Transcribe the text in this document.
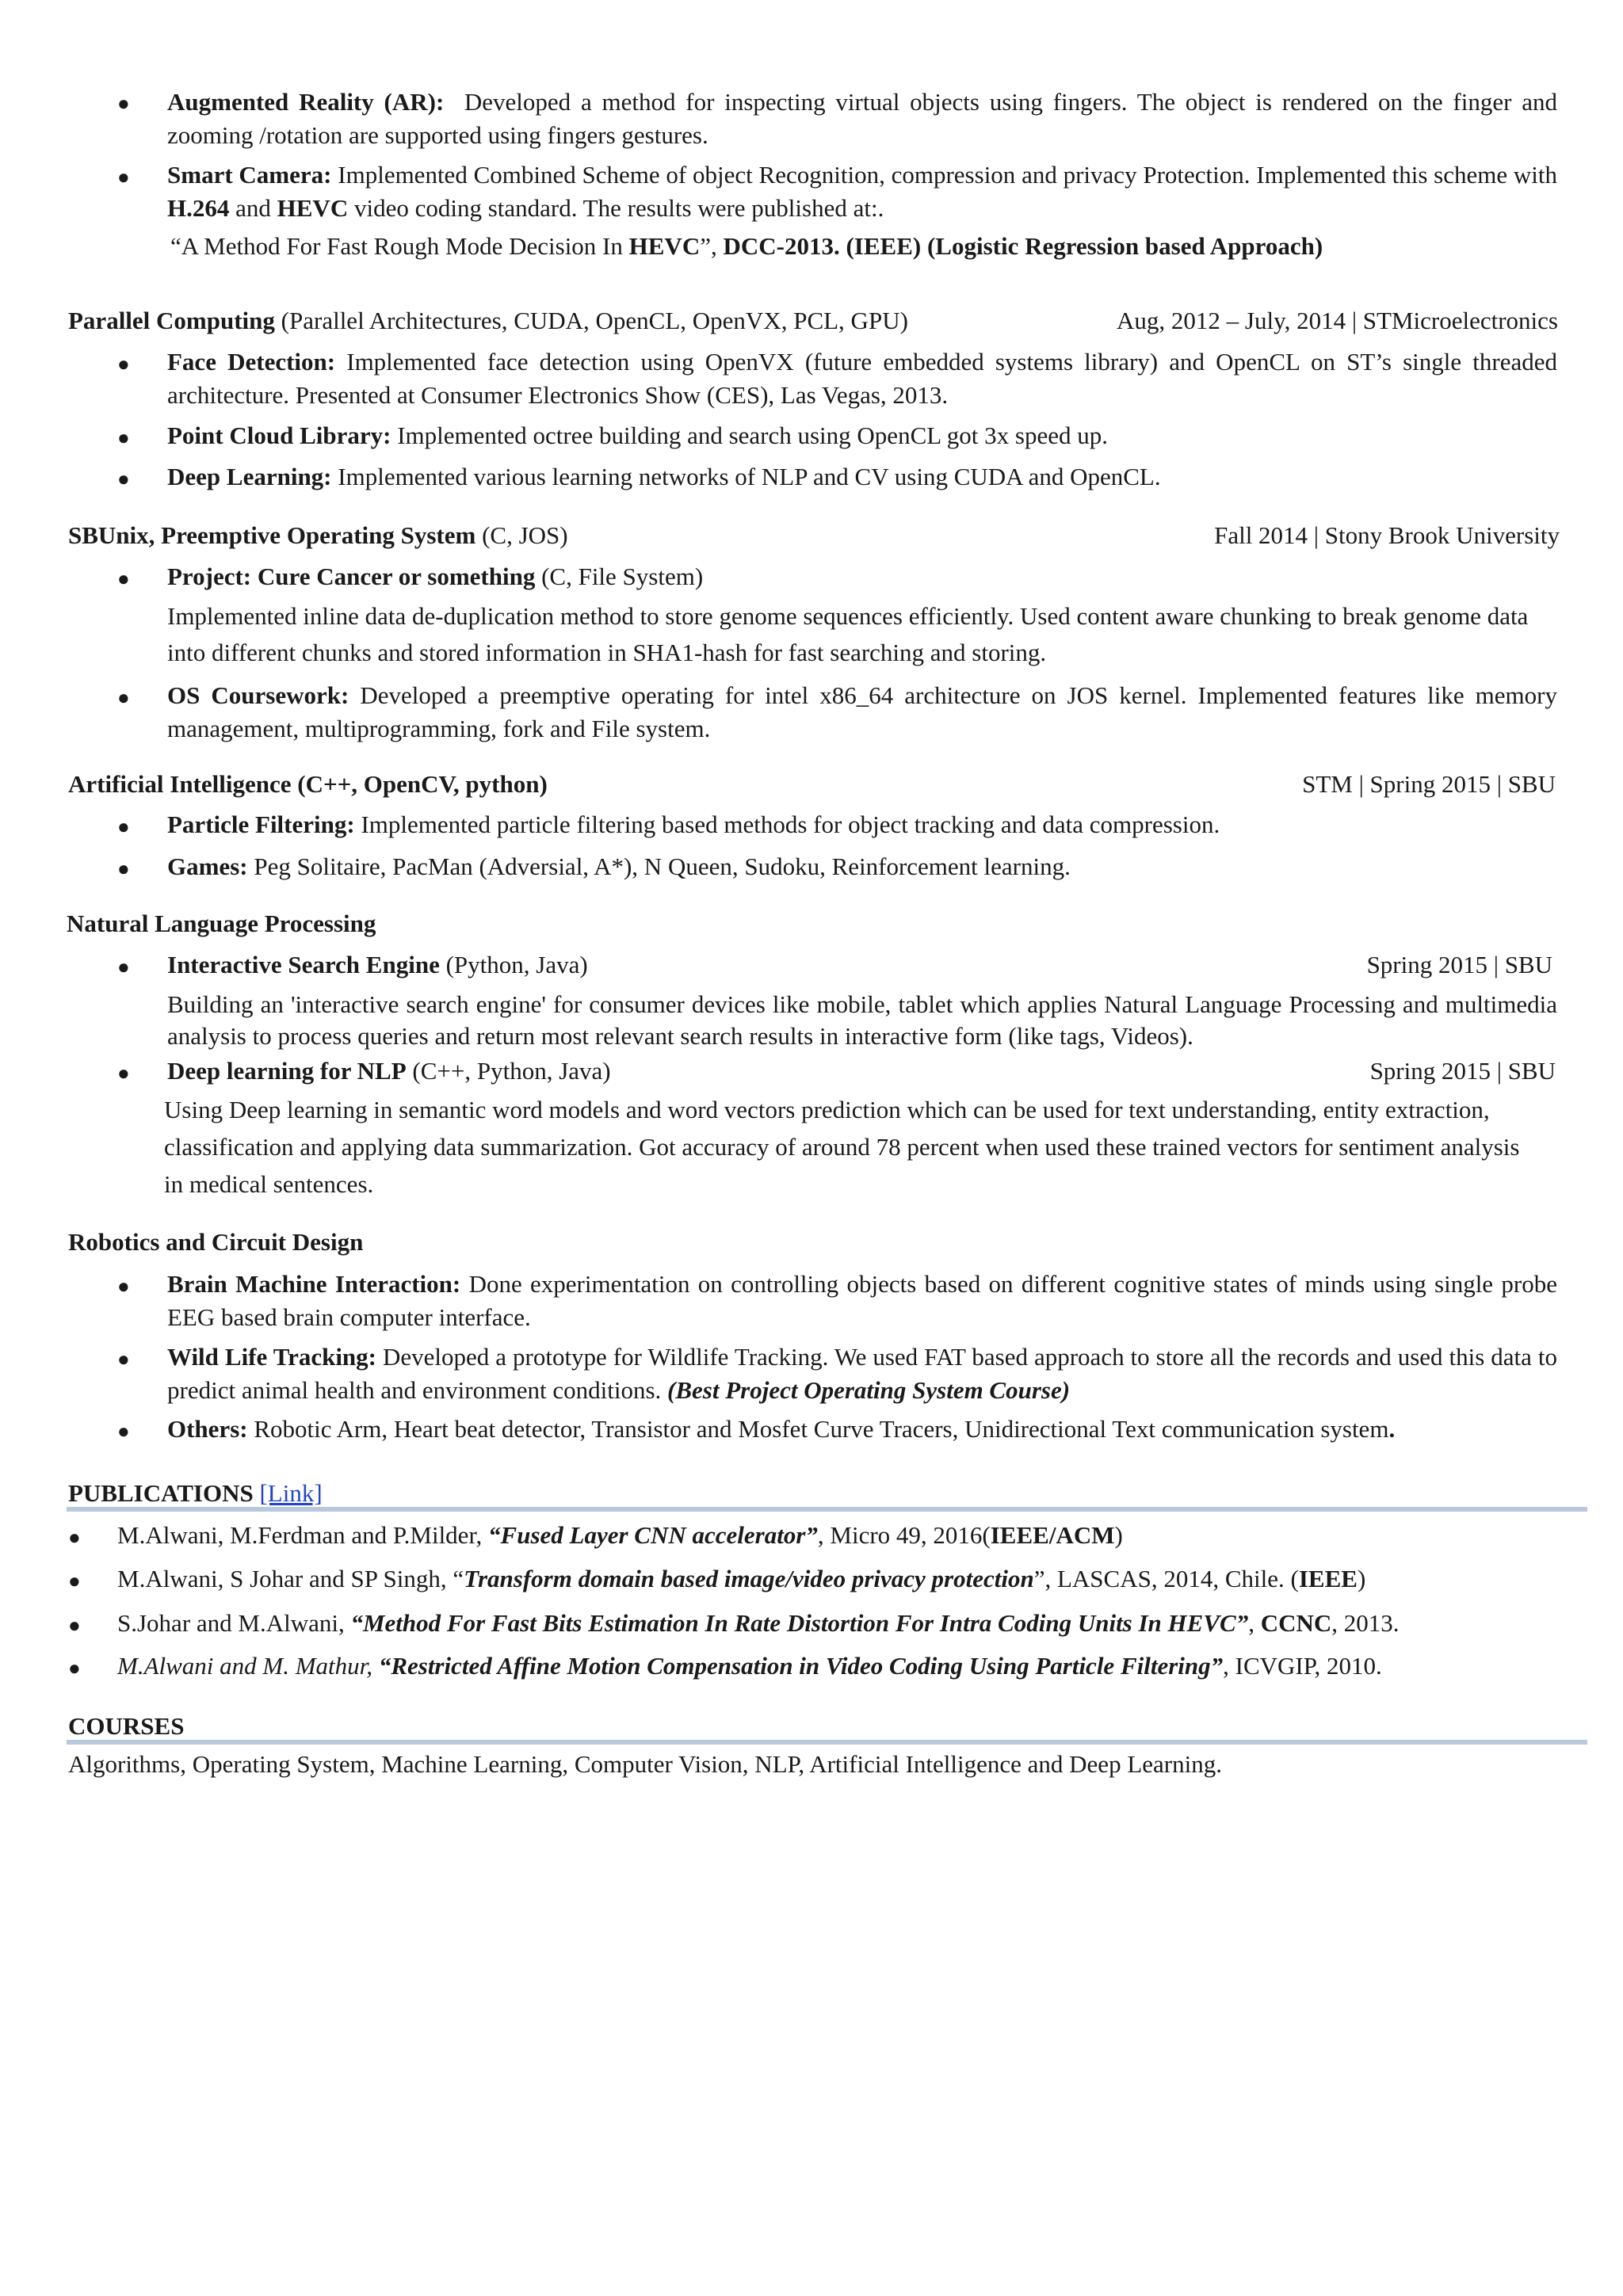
● Augmented Reality (AR): Developed a method for inspecting virtual objects using fingers. The object is rendered on the finger and zooming /rotation are supported using fingers gestures.
● Smart Camera: Implemented Combined Scheme of object Recognition, compression and privacy Protection. Implemented this scheme with H.264 and HEVC video coding standard. The results were published at:.
“A Method For Fast Rough Mode Decision In HEVC”, DCC-2013. (IEEE) (Logistic Regression based Approach)
Parallel Computing (Parallel Architectures, CUDA, OpenCL, OpenVX, PCL, GPU)	Aug, 2012 – July, 2014 | STMicroelectronics
● Face Detection: Implemented face detection using OpenVX (future embedded systems library) and OpenCL on ST’s single threaded architecture. Presented at Consumer Electronics Show (CES), Las Vegas, 2013.
● Point Cloud Library: Implemented octree building and search using OpenCL got 3x speed up.
● Deep Learning: Implemented various learning networks of NLP and CV using CUDA and OpenCL.
SBUnix, Preemptive Operating System (C, JOS)	Fall 2014 | Stony Brook University
● Project: Cure Cancer or something (C, File System)
Implemented inline data de-duplication method to store genome sequences efficiently. Used content aware chunking to break genome data into different chunks and stored information in SHA1-hash for fast searching and storing.
● OS Coursework: Developed a preemptive operating for intel x86_64 architecture on JOS kernel. Implemented features like memory management, multiprogramming, fork and File system.
Artificial Intelligence (C++, OpenCV, python)	STM | Spring 2015 | SBU
● Particle Filtering: Implemented particle filtering based methods for object tracking and data compression.
● Games: Peg Solitaire, PacMan (Adversial, A*), N Queen, Sudoku, Reinforcement learning.
Natural Language Processing
● Interactive Search Engine (Python, Java)	Spring 2015 | SBU
Building an 'interactive search engine' for consumer devices like mobile, tablet which applies Natural Language Processing and multimedia analysis to process queries and return most relevant search results in interactive form (like tags, Videos).
● Deep learning for NLP (C++, Python, Java)	Spring 2015 | SBU
Using Deep learning in semantic word models and word vectors prediction which can be used for text understanding, entity extraction, classification and applying data summarization. Got accuracy of around 78 percent when used these trained vectors for sentiment analysis in medical sentences.
Robotics and Circuit Design
● Brain Machine Interaction: Done experimentation on controlling objects based on different cognitive states of minds using single probe EEG based brain computer interface.
● Wild Life Tracking: Developed a prototype for Wildlife Tracking. We used FAT based approach to store all the records and used this data to predict animal health and environment conditions. (Best Project Operating System Course)
● Others: Robotic Arm, Heart beat detector, Transistor and Mosfet Curve Tracers, Unidirectional Text communication system.
PUBLICATIONS [Link]
● M.Alwani, M.Ferdman and P.Milder, “Fused Layer CNN accelerator”, Micro 49, 2016(IEEE/ACM)
● M.Alwani, S Johar and SP Singh, “Transform domain based image/video privacy protection”, LASCAS, 2014, Chile. (IEEE)
● S.Johar and M.Alwani, “Method For Fast Bits Estimation In Rate Distortion For Intra Coding Units In HEVC”, CCNC, 2013.
● M.Alwani and M. Mathur, “Restricted Affine Motion Compensation in Video Coding Using Particle Filtering”, ICVGIP, 2010.
COURSES
Algorithms, Operating System, Machine Learning, Computer Vision, NLP, Artificial Intelligence and Deep Learning.
